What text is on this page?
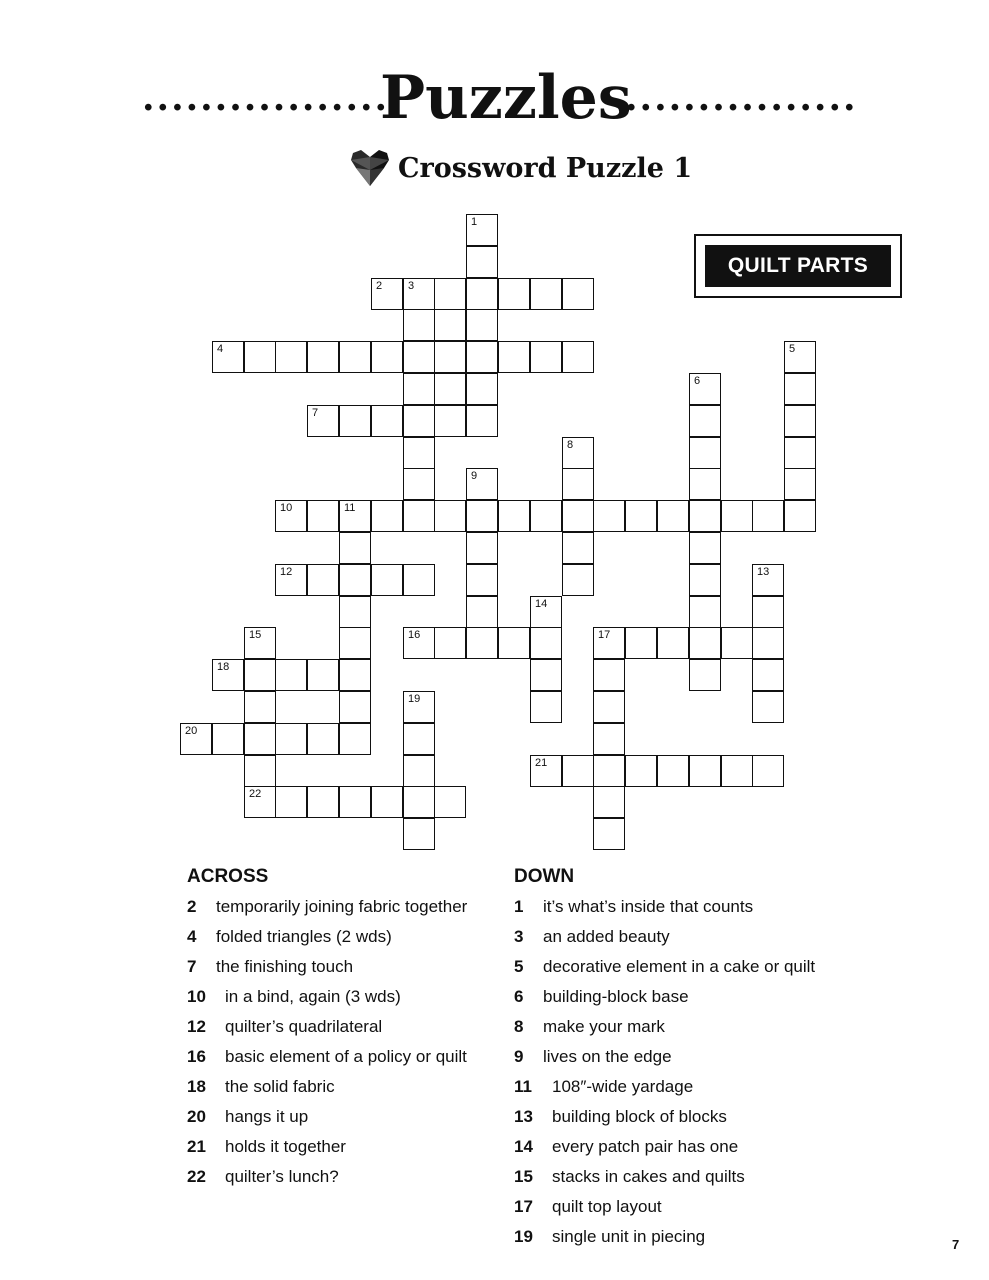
..................
Puzzles
................
Crossword Puzzle 1
QUILT PARTS
1
2 3
4	5
6
7
8
9
10	11
12	13
14
15	16	17
18
19
20
21
22
ACROSS
2 temporarily joining fabric together
4 folded triangles (2 wds)
7 the finishing touch
10 in a bind, again (3 wds)
12 quilter’s quadrilateral
16 basic element of a policy or quilt
18 the solid fabric
20 hangs it up
21 holds it together
22 quilter’s lunch?
DOWN
1 it’s what’s inside that counts
3 an added beauty
5 decorative element in a cake or quilt
6 building-block base
8 make your mark
9 lives on the edge
11 108″-wide yardage
13 building block of blocks
14 every patch pair has one
15 stacks in cakes and quilts
17 quilt top layout
19 single unit in piecing	7
